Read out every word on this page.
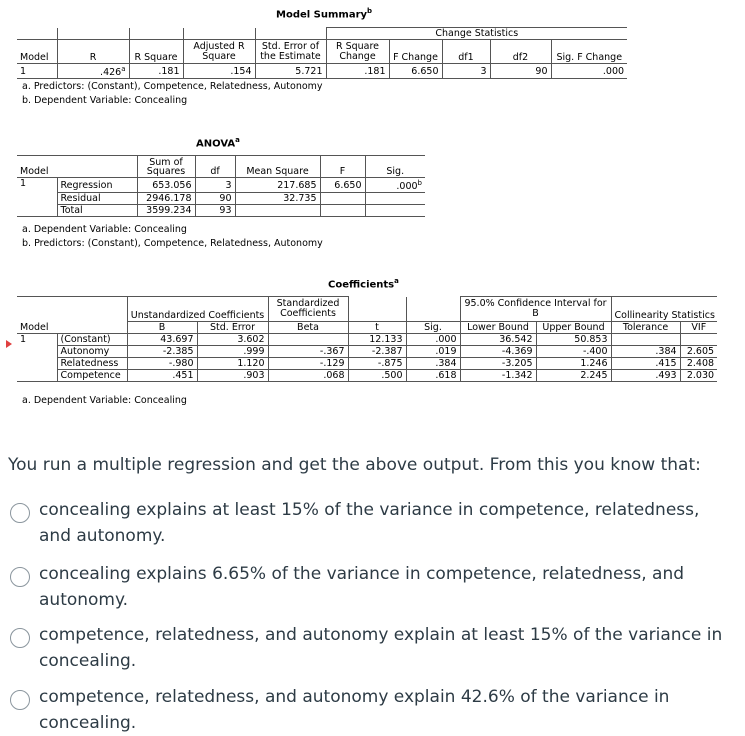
Model Summary$^b$
					Change Statistics				
Model	R	R Square	Adjusted R Square	Std. Error of the Estimate	R Square Change	F Change	df1	df2	Sig. F Change
1	.426$^a$	.181	.154	5.721	.181	6.650	3	90	.000
a. Predictors: (Constant), Competence, Relatedness, Autonomy
b. Dependent Variable: Concealing
ANOVA$^a$
Model		Sum of Squares	df	Mean Square	F	Sig.
1	Regression	653.056	3	217.685	6.650	.000$^b$
	Residual	2946.178	90	32.735		
	Total	3599.234	93			
a. Dependent Variable: Concealing
b. Predictors: (Constant), Competence, Relatedness, Autonomy
Coefficients$^a$
Model		Unstandardized Coefficients		Standardized Coefficients			95.0% Confidence Interval for B		Collinearity Statistics	
		B	Std. Error	Beta	t	Sig.	Lower Bound	Upper Bound	Tolerance	VIF
1	(Constant)	43.697	3.602		12.133	.000	36.542	50.853		
	Autonomy	-2.385	.999	-.367	-2.387	.019	-4.369	-.400	.384	2.605
	Relatedness	-.980	1.120	-.129	-.875	.384	-3.205	1.246	.415	2.408
	Competence	.451	.903	.068	.500	.618	-1.342	2.245	.493	2.030
a. Dependent Variable: Concealing
You run a multiple regression and get the above output. From this you know that:
concealing explains at least 15% of the variance in competence, relatedness, and autonomy.
concealing explains 6.65% of the variance in competence, relatedness, and autonomy.
competence, relatedness, and autonomy explain at least 15% of the variance in concealing.
competence, relatedness, and autonomy explain 42.6% of the variance in concealing.
